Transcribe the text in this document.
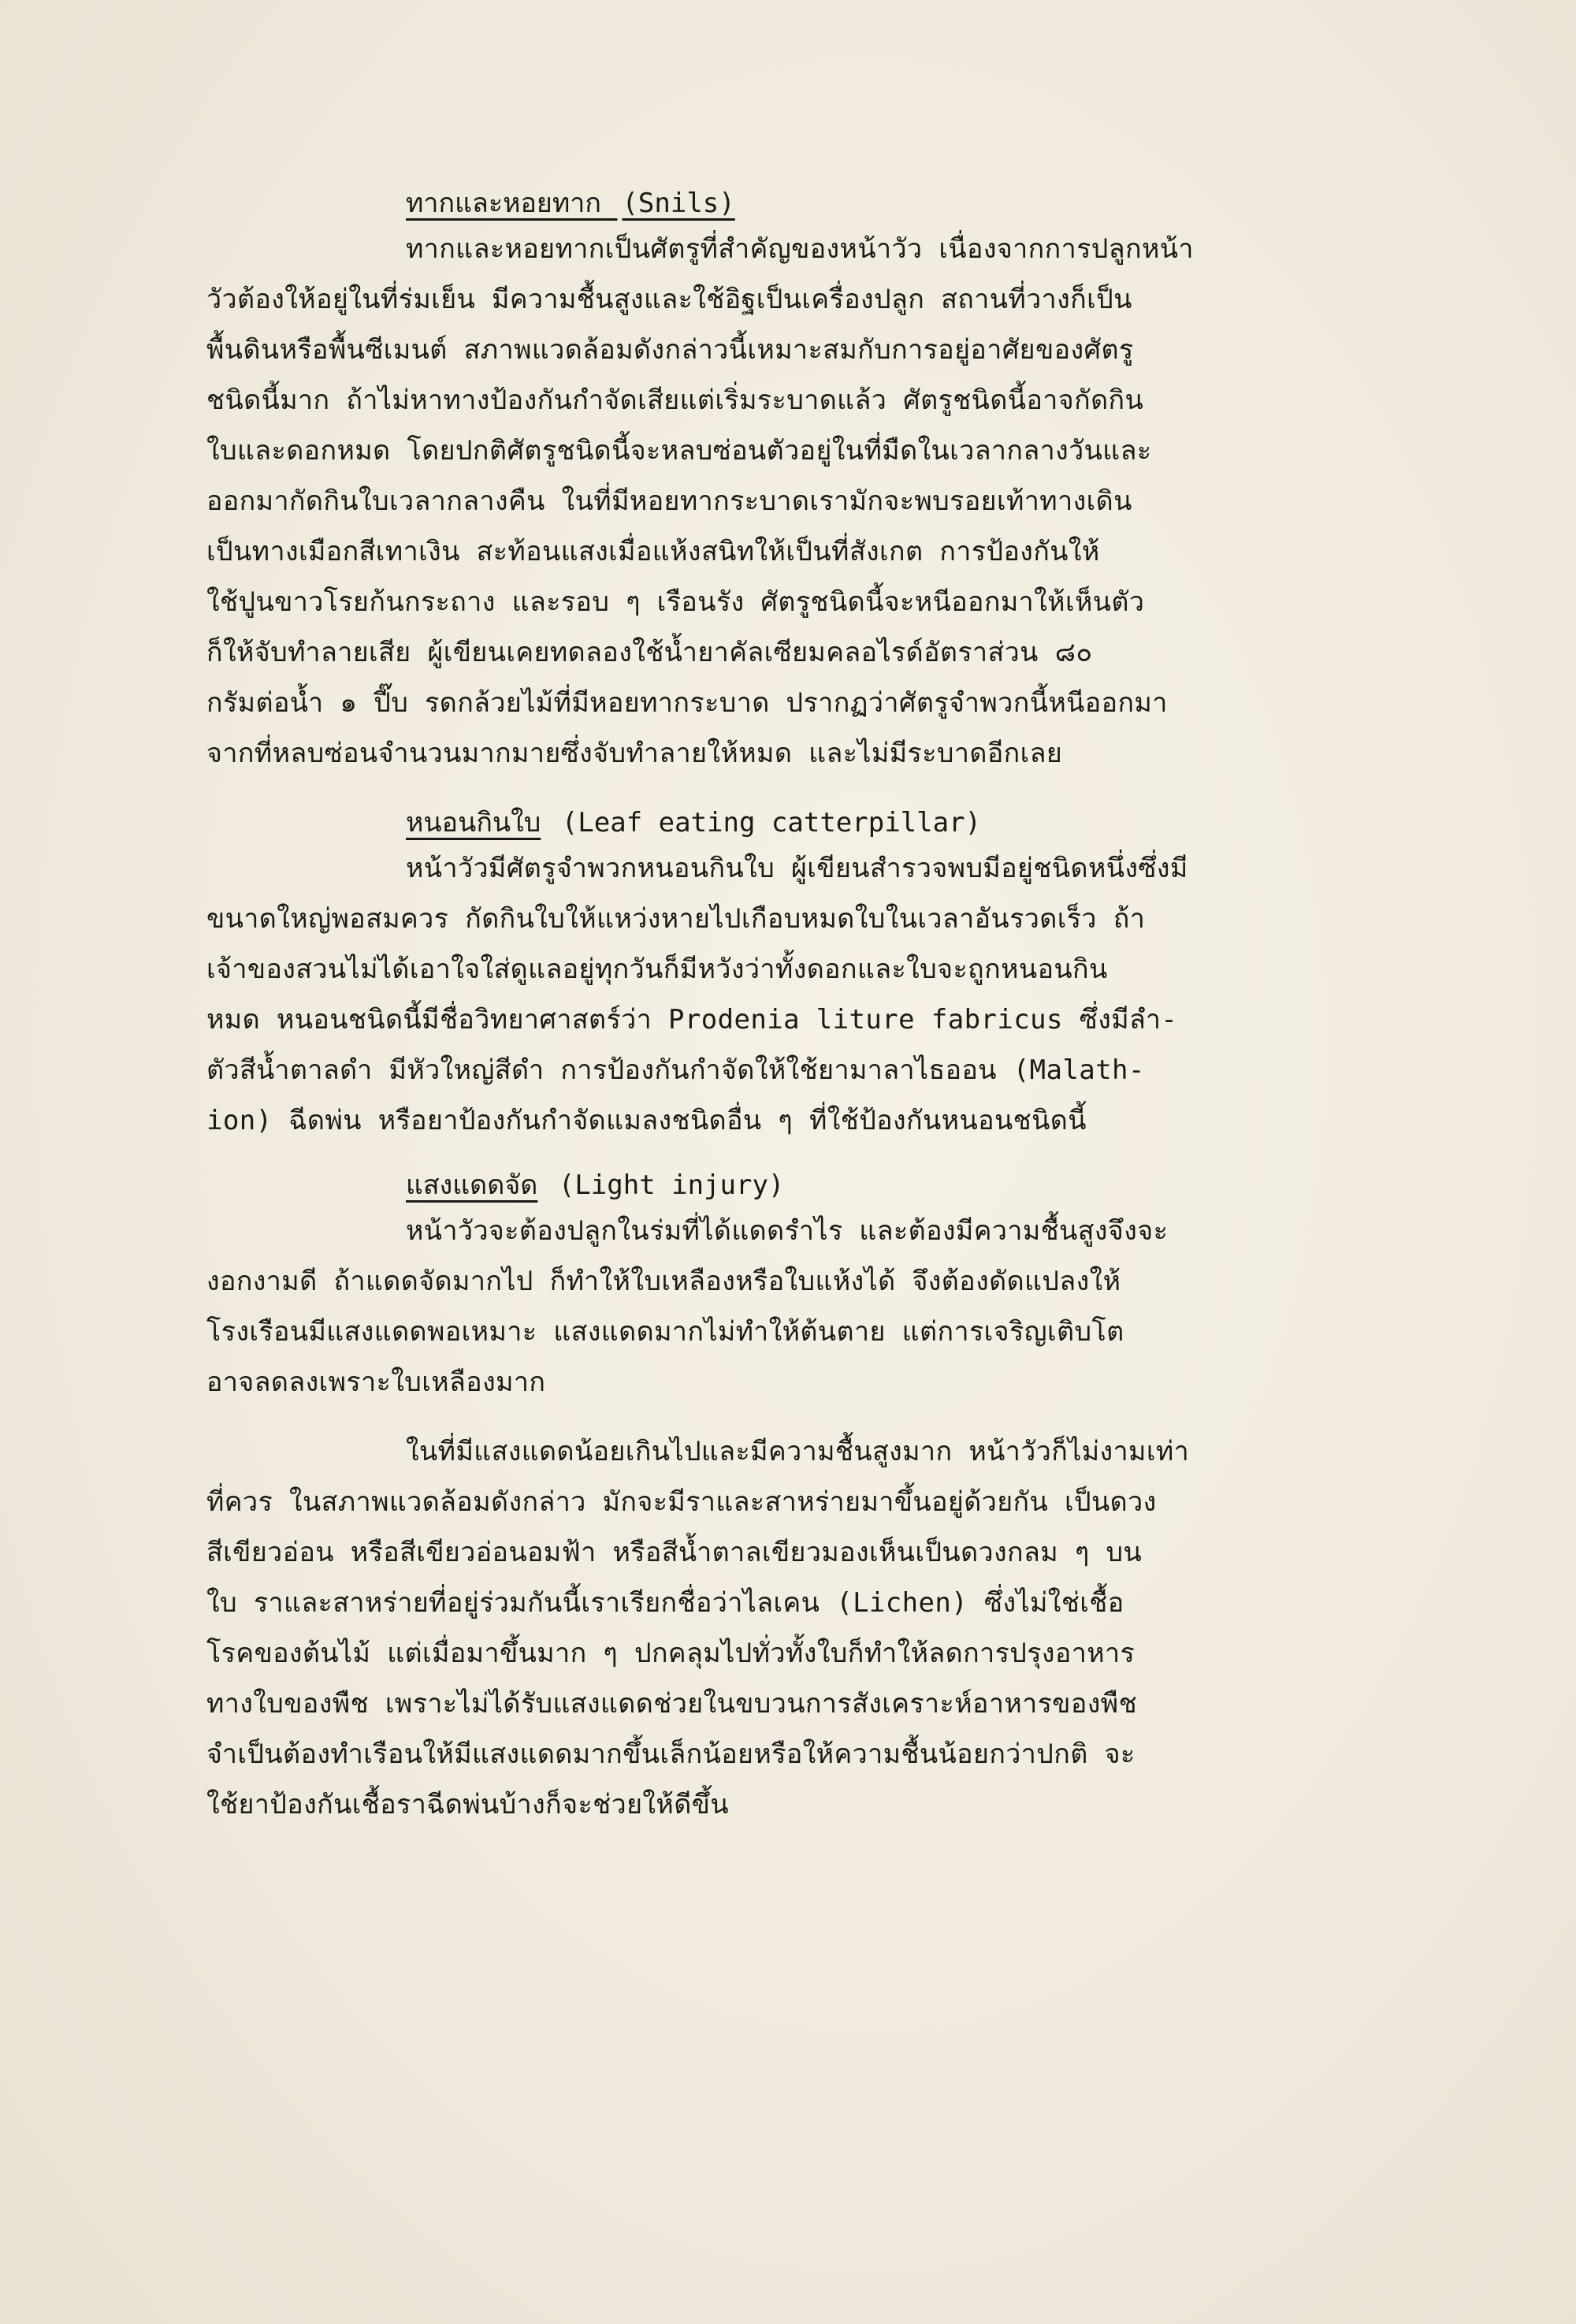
ทากและหอยทาก (Snils)
ทากและหอยทากเป็นศัตรูที่สำคัญของหน้าวัว เนื่องจากการปลูกหน้า
วัวต้องให้อยู่ในที่ร่มเย็น มีความชื้นสูงและใช้อิฐเป็นเครื่องปลูก สถานที่วางก็เป็น
พื้นดินหรือพื้นซีเมนต์ สภาพแวดล้อมดังกล่าวนี้เหมาะสมกับการอยู่อาศัยของศัตรู
ชนิดนี้มาก ถ้าไม่หาทางป้องกันกำจัดเสียแต่เริ่มระบาดแล้ว ศัตรูชนิดนี้อาจกัดกิน
ใบและดอกหมด โดยปกติศัตรูชนิดนี้จะหลบซ่อนตัวอยู่ในที่มืดในเวลากลางวันและ
ออกมากัดกินใบเวลากลางคืน ในที่มีหอยทากระบาดเรามักจะพบรอยเท้าทางเดิน
เป็นทางเมือกสีเทาเงิน สะท้อนแสงเมื่อแห้งสนิทให้เป็นที่สังเกต การป้องกันให้
ใช้ปูนขาวโรยก้นกระถาง และรอบ ๆ เรือนรัง ศัตรูชนิดนี้จะหนีออกมาให้เห็นตัว
ก็ให้จับทำลายเสีย ผู้เขียนเคยทดลองใช้น้ำยาคัลเซียมคลอไรด์อัตราส่วน ๘๐
กรัมต่อน้ำ ๑ ปี๊บ รดกล้วยไม้ที่มีหอยทากระบาด ปรากฏว่าศัตรูจำพวกนี้หนีออกมา
จากที่หลบซ่อนจำนวนมากมายซึ่งจับทำลายให้หมด และไม่มีระบาดอีกเลย
หนอนกินใบ (Leaf eating catterpillar)
หน้าวัวมีศัตรูจำพวกหนอนกินใบ ผู้เขียนสำรวจพบมีอยู่ชนิดหนึ่งซึ่งมี
ขนาดใหญ่พอสมควร กัดกินใบให้แหว่งหายไปเกือบหมดใบในเวลาอันรวดเร็ว ถ้า
เจ้าของสวนไม่ได้เอาใจใส่ดูแลอยู่ทุกวันก็มีหวังว่าทั้งดอกและใบจะถูกหนอนกิน
หมด หนอนชนิดนี้มีชื่อวิทยาศาสตร์ว่า Prodenia liture fabricus ซึ่งมีลำ-
ตัวสีน้ำตาลดำ มีหัวใหญ่สีดำ การป้องกันกำจัดให้ใช้ยามาลาไธออน (Malath-
ion) ฉีดพ่น หรือยาป้องกันกำจัดแมลงชนิดอื่น ๆ ที่ใช้ป้องกันหนอนชนิดนี้
แสงแดดจัด (Light injury)
หน้าวัวจะต้องปลูกในร่มที่ได้แดดรำไร และต้องมีความชื้นสูงจึงจะ
งอกงามดี ถ้าแดดจัดมากไป ก็ทำให้ใบเหลืองหรือใบแห้งได้ จึงต้องดัดแปลงให้
โรงเรือนมีแสงแดดพอเหมาะ แสงแดดมากไม่ทำให้ต้นตาย แต่การเจริญเติบโต
อาจลดลงเพราะใบเหลืองมาก
ในที่มีแสงแดดน้อยเกินไปและมีความชื้นสูงมาก หน้าวัวก็ไม่งามเท่า
ที่ควร ในสภาพแวดล้อมดังกล่าว มักจะมีราและสาหร่ายมาขึ้นอยู่ด้วยกัน เป็นดวง
สีเขียวอ่อน หรือสีเขียวอ่อนอมฟ้า หรือสีน้ำตาลเขียวมองเห็นเป็นดวงกลม ๆ บน
ใบ ราและสาหร่ายที่อยู่ร่วมกันนี้เราเรียกชื่อว่าไลเคน (Lichen) ซึ่งไม่ใช่เชื้อ
โรคของต้นไม้ แต่เมื่อมาขึ้นมาก ๆ ปกคลุมไปทั่วทั้งใบก็ทำให้ลดการปรุงอาหาร
ทางใบของพืช เพราะไม่ได้รับแสงแดดช่วยในขบวนการสังเคราะห์อาหารของพืช
จำเป็นต้องทำเรือนให้มีแสงแดดมากขึ้นเล็กน้อยหรือให้ความชื้นน้อยกว่าปกติ จะ
ใช้ยาป้องกันเชื้อราฉีดพ่นบ้างก็จะช่วยให้ดีขึ้น
